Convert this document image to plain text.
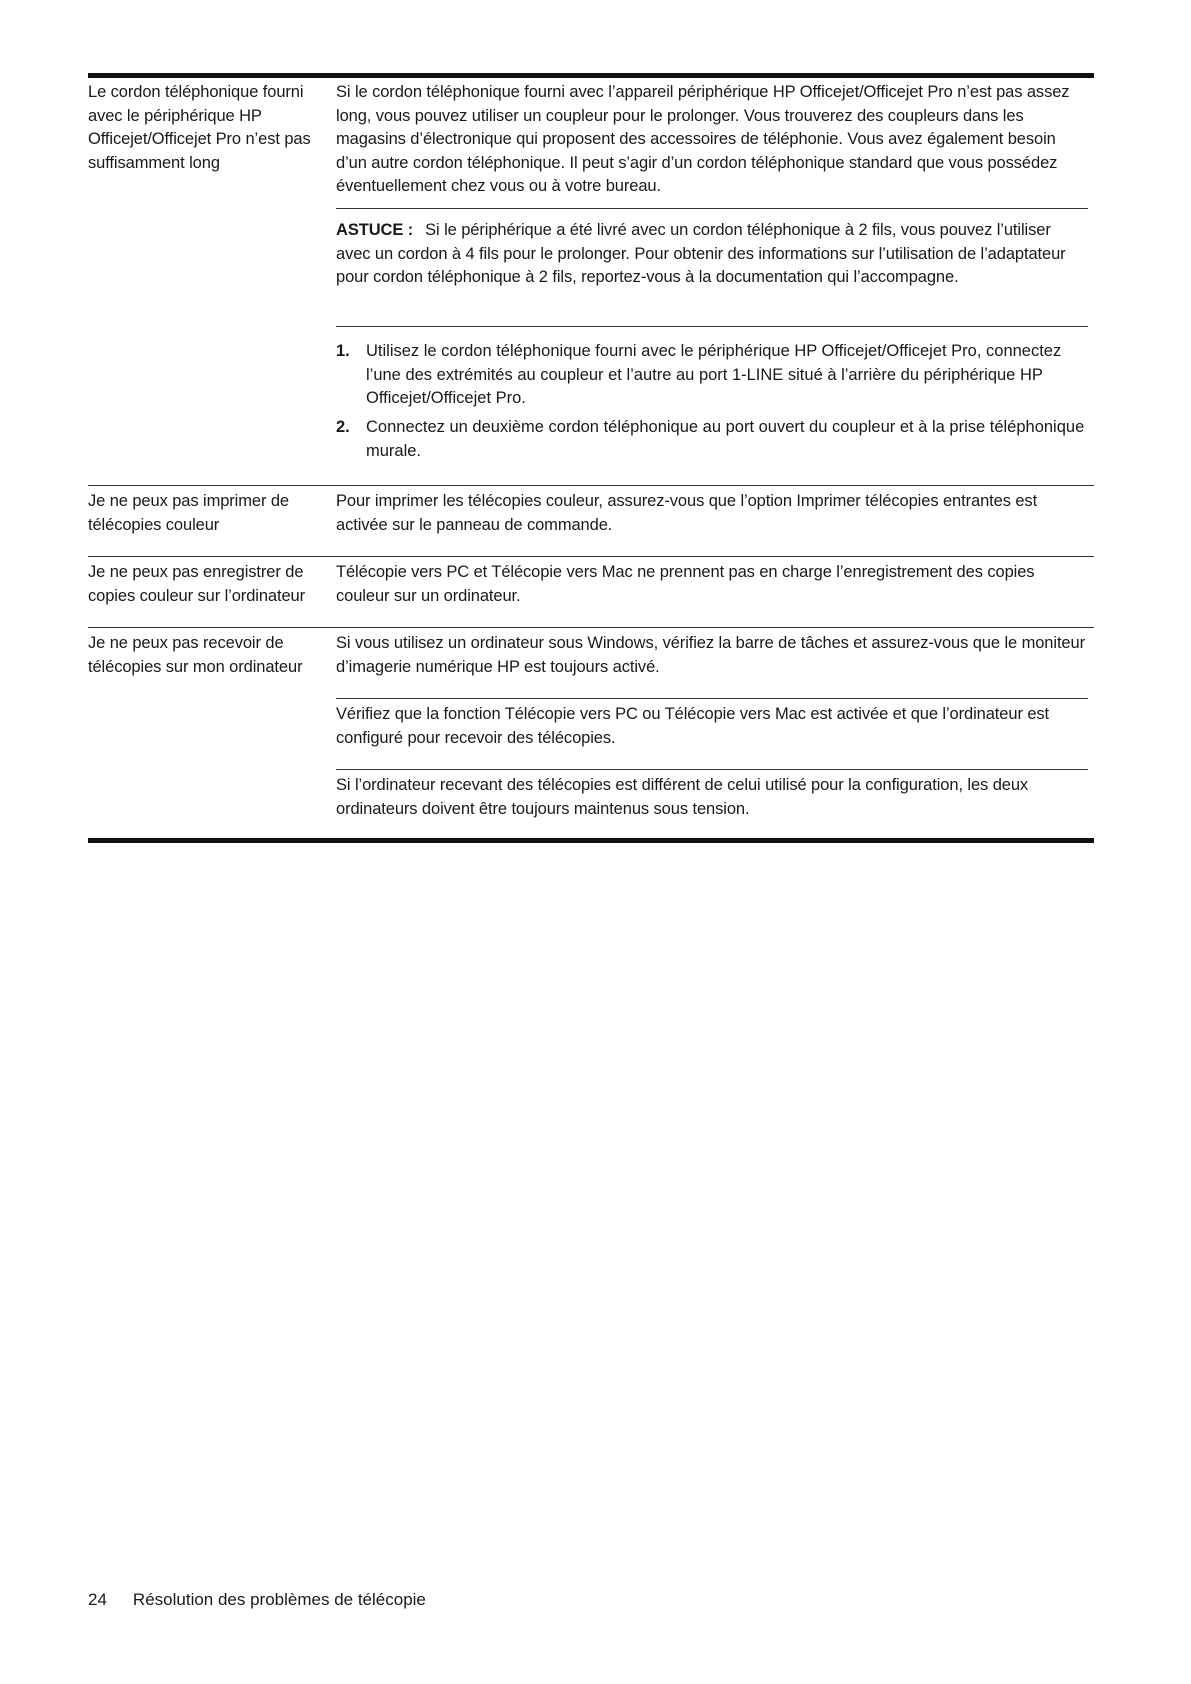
Le cordon téléphonique fourni avec le périphérique HP Officejet/Officejet Pro n’est pas suffisamment long
Si le cordon téléphonique fourni avec l’appareil périphérique HP Officejet/Officejet Pro n’est pas assez long, vous pouvez utiliser un coupleur pour le prolonger. Vous trouverez des coupleurs dans les magasins d’électronique qui proposent des accessoires de téléphonie. Vous avez également besoin d’un autre cordon téléphonique. Il peut s’agir d’un cordon téléphonique standard que vous possédez éventuellement chez vous ou à votre bureau.
ASTUCE : Si le périphérique a été livré avec un cordon téléphonique à 2 fils, vous pouvez l’utiliser avec un cordon à 4 fils pour le prolonger. Pour obtenir des informations sur l’utilisation de l’adaptateur pour cordon téléphonique à 2 fils, reportez-vous à la documentation qui l’accompagne.
1. Utilisez le cordon téléphonique fourni avec le périphérique HP Officejet/Officejet Pro, connectez l’une des extrémités au coupleur et l’autre au port 1-LINE situé à l’arrière du périphérique HP Officejet/Officejet Pro.
2. Connectez un deuxième cordon téléphonique au port ouvert du coupleur et à la prise téléphonique murale.
Je ne peux pas imprimer de télécopies couleur
Pour imprimer les télécopies couleur, assurez-vous que l’option Imprimer télécopies entrantes est activée sur le panneau de commande.
Je ne peux pas enregistrer de copies couleur sur l’ordinateur
Télécopie vers PC et Télécopie vers Mac ne prennent pas en charge l’enregistrement des copies couleur sur un ordinateur.
Je ne peux pas recevoir de télécopies sur mon ordinateur
Si vous utilisez un ordinateur sous Windows, vérifiez la barre de tâches et assurez-vous que le moniteur d’imagerie numérique HP est toujours activé.
Vérifiez que la fonction Télécopie vers PC ou Télécopie vers Mac est activée et que l’ordinateur est configuré pour recevoir des télécopies.
Si l’ordinateur recevant des télécopies est différent de celui utilisé pour la configuration, les deux ordinateurs doivent être toujours maintenus sous tension.
24 Résolution des problèmes de télécopie
